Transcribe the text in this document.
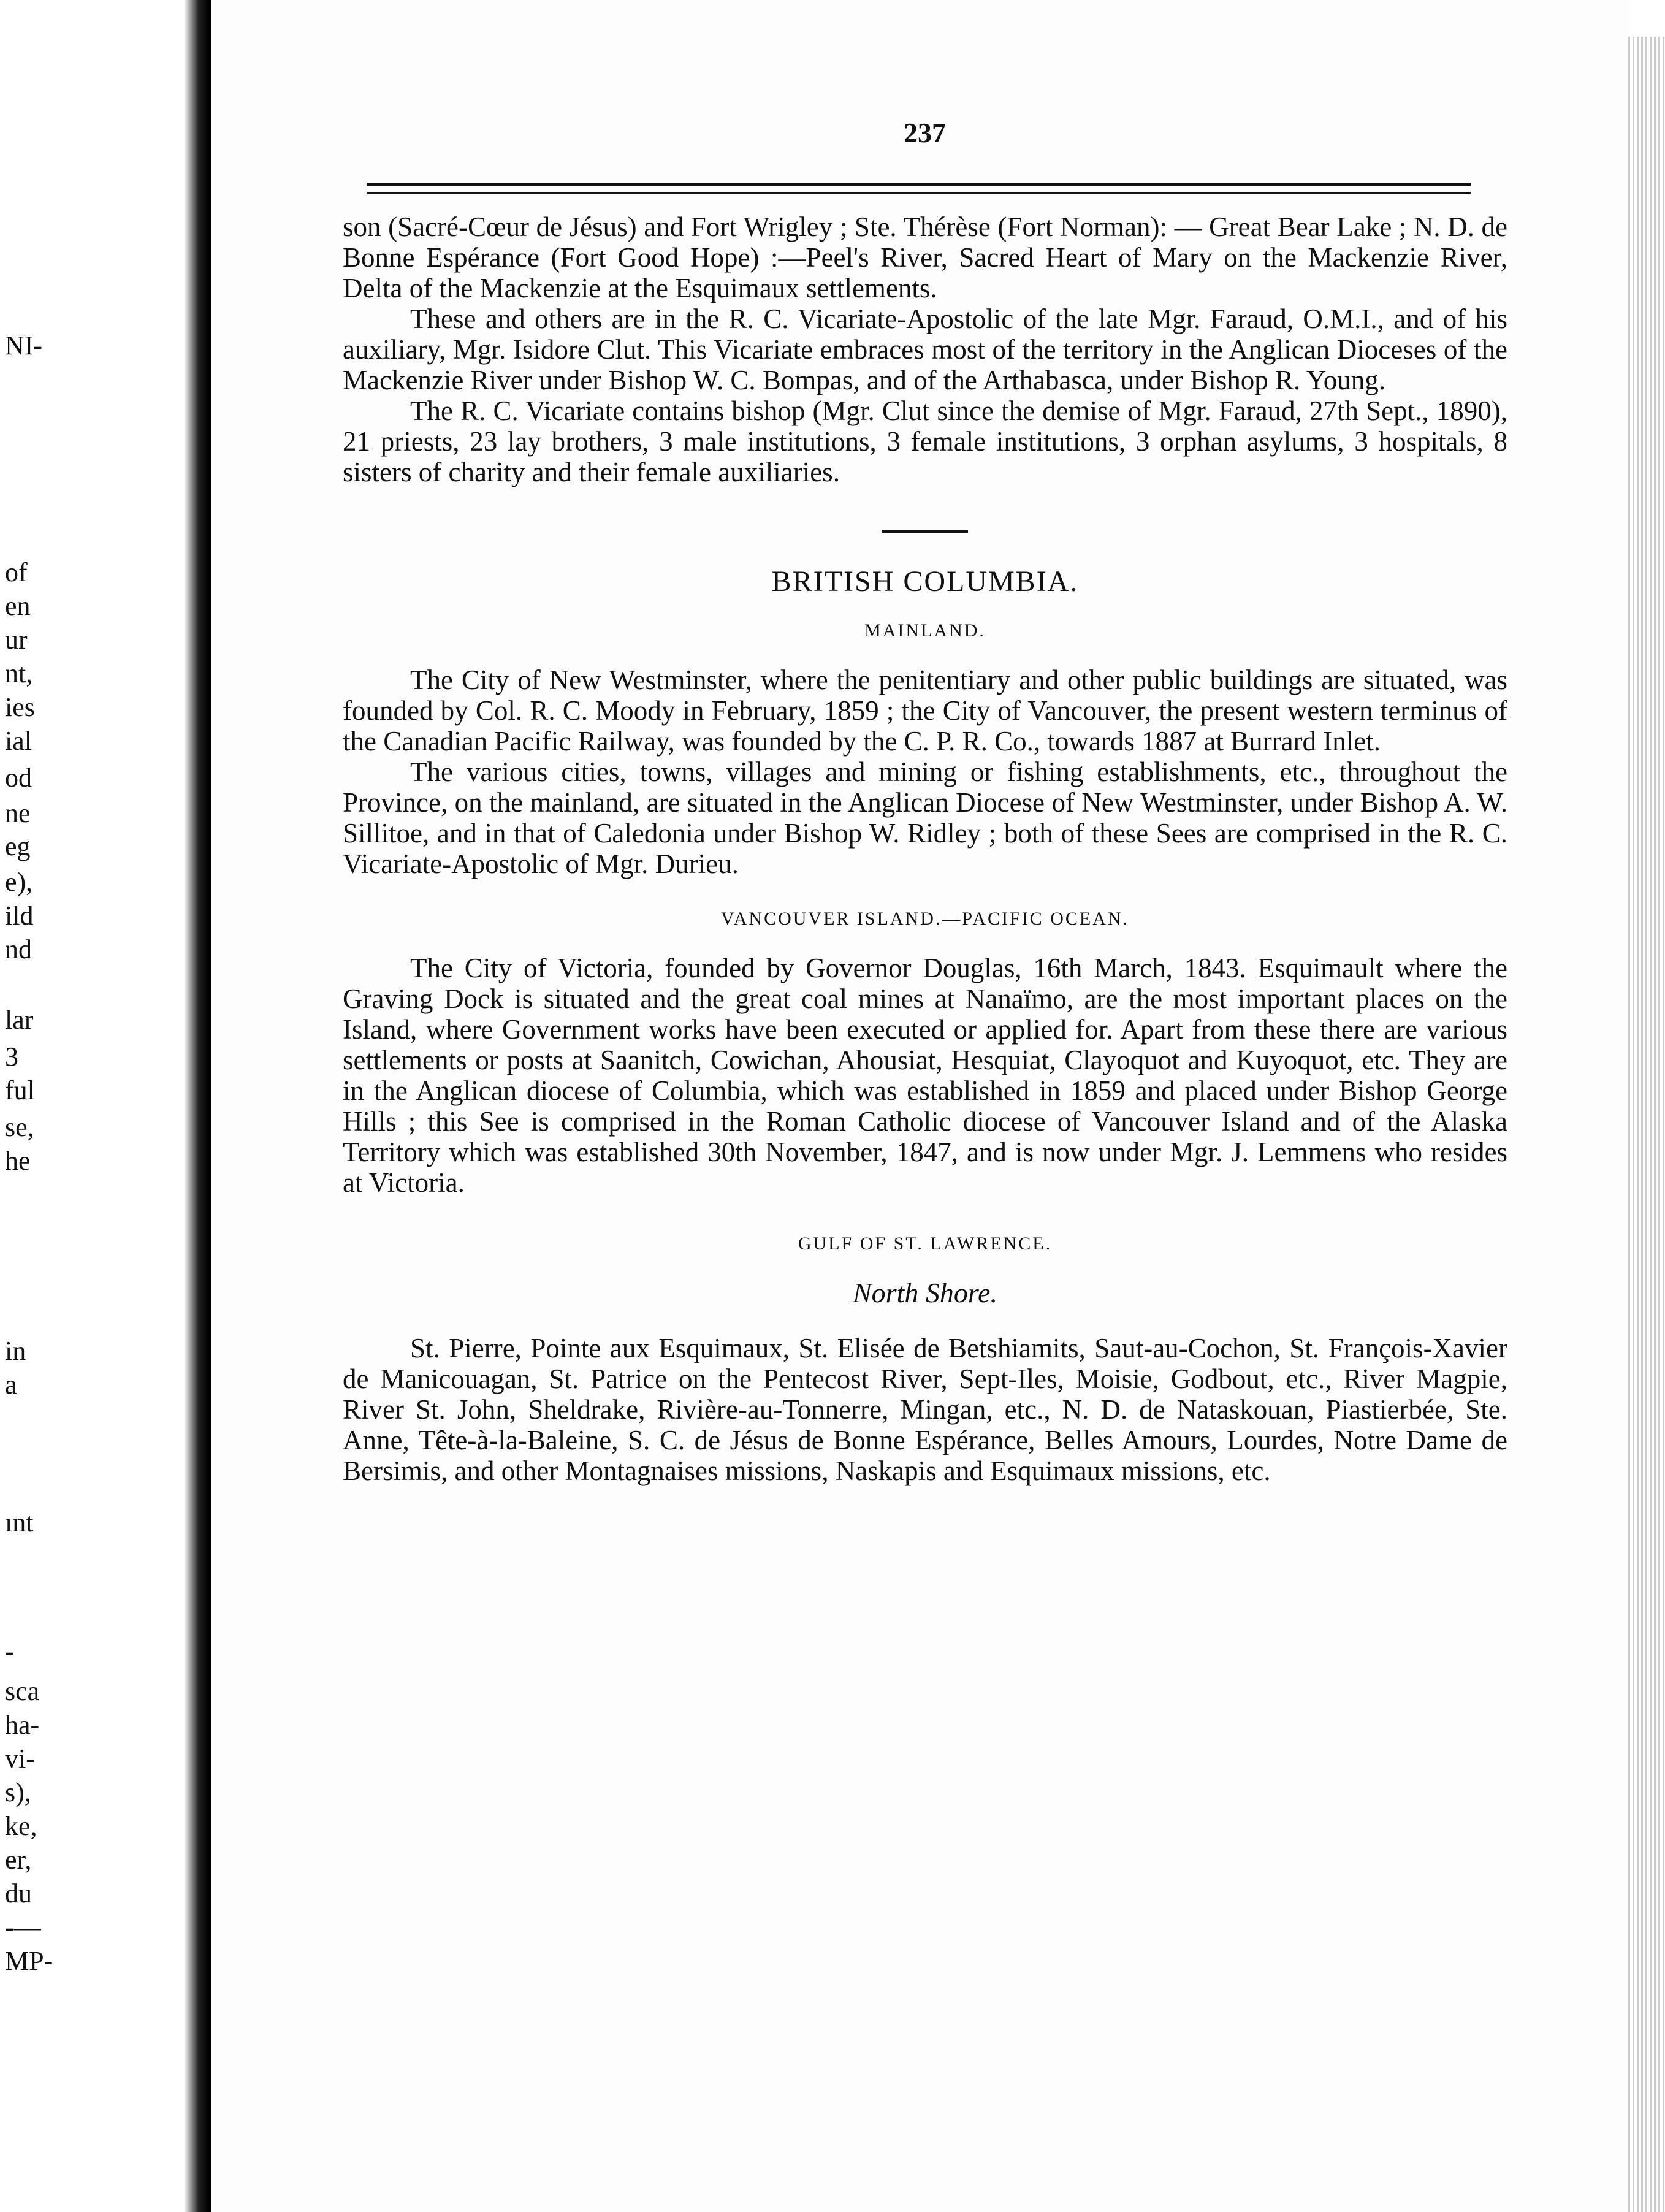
NI-
of
en
ur
nt,
ies
ial
od
ne
eg
e),
ild
nd
lar
3
ful
se,
he
in
a
ınt
-
sca
ha-
vi-
s),
ke,
er,
du
-—
MP-
237

son (Sacré-Cœur de Jésus) and Fort Wrigley ; Ste. Thérèse (Fort Norman): — Great Bear Lake ; N. D. de Bonne Espérance (Fort Good Hope) :—Peel's River, Sacred Heart of Mary on the Mackenzie River, Delta of the Mackenzie at the Esquimaux settlements.

These and others are in the R. C. Vicariate-Apostolic of the late Mgr. Faraud, O.M.I., and of his auxiliary, Mgr. Isidore Clut. This Vicariate embraces most of the territory in the Anglican Dioceses of the Mackenzie River under Bishop W. C. Bompas, and of the Arthabasca, under Bishop R. Young.

The R. C. Vicariate contains bishop (Mgr. Clut since the demise of Mgr. Faraud, 27th Sept., 1890), 21 priests, 23 lay brothers, 3 male institutions, 3 female institutions, 3 orphan asylums, 3 hospitals, 8 sisters of charity and their female auxiliaries.

BRITISH COLUMBIA.
MAINLAND.

The City of New Westminster, where the penitentiary and other public buildings are situated, was founded by Col. R. C. Moody in February, 1859 ; the City of Vancouver, the present western terminus of the Canadian Pacific Railway, was founded by the C. P. R. Co., towards 1887 at Burrard Inlet.

The various cities, towns, villages and mining or fishing establishments, etc., throughout the Province, on the mainland, are situated in the Anglican Diocese of New Westminster, under Bishop A. W. Sillitoe, and in that of Caledonia under Bishop W. Ridley ; both of these Sees are comprised in the R. C. Vicariate-Apostolic of Mgr. Durieu.

VANCOUVER ISLAND.—PACIFIC OCEAN.

The City of Victoria, founded by Governor Douglas, 16th March, 1843. Esquimault where the Graving Dock is situated and the great coal mines at Nanaïmo, are the most important places on the Island, where Government works have been executed or applied for. Apart from these there are various settlements or posts at Saanitch, Cowichan, Ahousiat, Hesquiat, Clayoquot and Kuyoquot, etc. They are in the Anglican diocese of Columbia, which was established in 1859 and placed under Bishop George Hills ; this See is comprised in the Roman Catholic diocese of Vancouver Island and of the Alaska Territory which was established 30th November, 1847, and is now under Mgr. J. Lemmens who resides at Victoria.

GULF OF ST. LAWRENCE.
North Shore.

St. Pierre, Pointe aux Esquimaux, St. Elisée de Betshiamits, Saut-au-Cochon, St. François-Xavier de Manicouagan, St. Patrice on the Pentecost River, Sept-Iles, Moisie, Godbout, etc., River Magpie, River St. John, Sheldrake, Rivière-au-Tonnerre, Mingan, etc., N. D. de Nataskouan, Piastierbée, Ste. Anne, Tête-à-la-Baleine, S. C. de Jésus de Bonne Espérance, Belles Amours, Lourdes, Notre Dame de Bersimis, and other Montagnaises missions, Naskapis and Esquimaux missions, etc.
